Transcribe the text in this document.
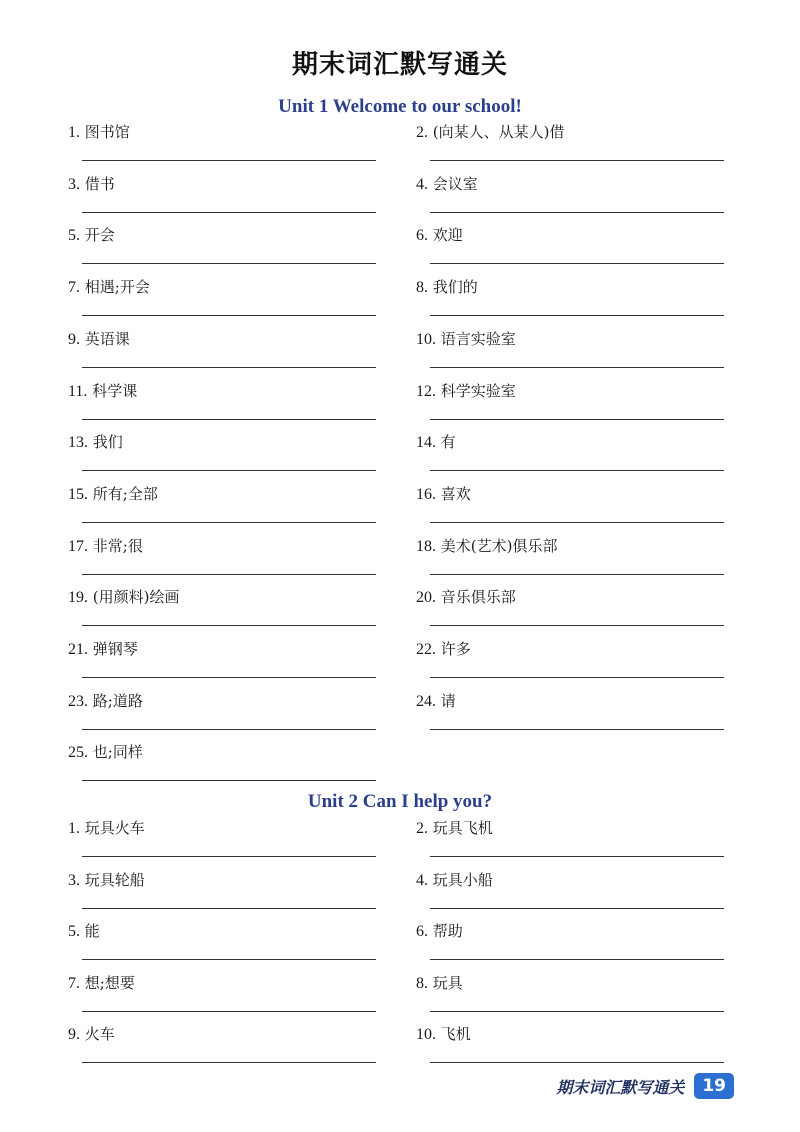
期末词汇默写通关
Unit 1 Welcome to our school!
1. 图书馆	2. (向某人、从某人)借
3. 借书	4. 会议室
5. 开会	6. 欢迎
7. 相遇;开会	8. 我们的
9. 英语课	10. 语言实验室
11. 科学课	12. 科学实验室
13. 我们	14. 有
15. 所有;全部	16. 喜欢
17. 非常;很	18. 美术(艺术)俱乐部
19. (用颜料)绘画	20. 音乐俱乐部
21. 弹钢琴	22. 许多
23. 路;道路	24. 请
25. 也;同样
Unit 2 Can I help you?
1. 玩具火车	2. 玩具飞机
3. 玩具轮船	4. 玩具小船
5. 能	6. 帮助
7. 想;想要	8. 玩具
9. 火车	10. 飞机
期末词汇默写通关	19
